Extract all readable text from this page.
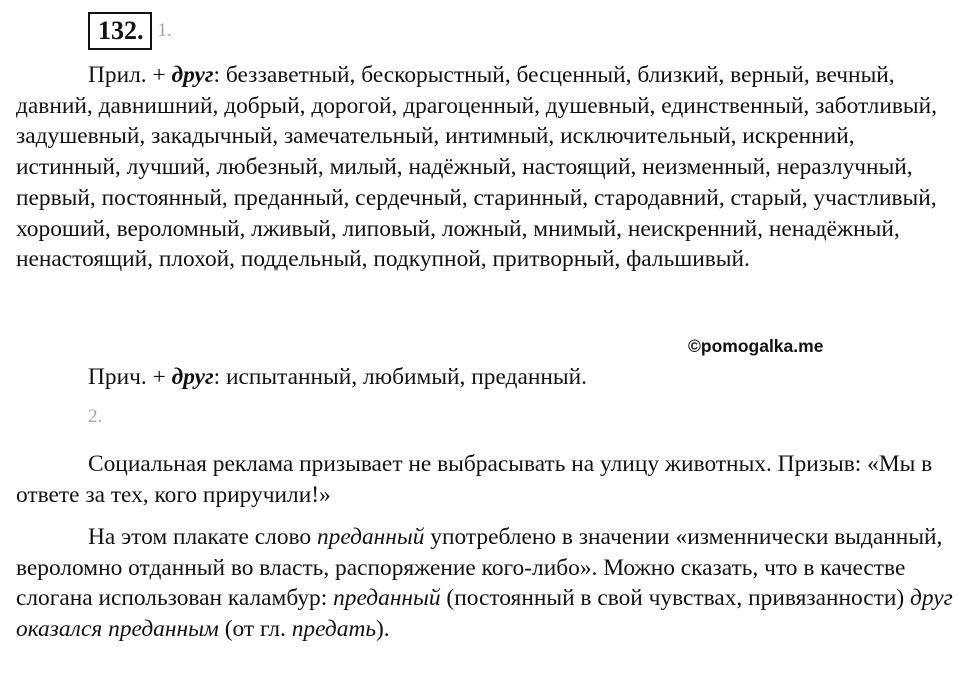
132. 1.

Прил. + друг: беззаветный, бескорыстный, бесценный, близкий, верный, вечный, давний, давнишний, добрый, дорогой, драгоценный, душевный, единственный, заботливый, задушевный, закадычный, замечательный, интимный, исключительный, искренний, истинный, лучший, любезный, милый, надёжный, настоящий, неизменный, неразлучный, первый, постоянный, преданный, сердечный, старинный, стародавний, старый, участливый, хороший, вероломный, лживый, липовый, ложный, мнимый, неискренний, ненадёжный, ненастоящий, плохой, поддельный, подкупной, притворный, фальшивый.

©pomogalka.me

Прич. + друг: испытанный, любимый, преданный.

2.

Социальная реклама призывает не выбрасывать на улицу животных. Призыв: «Мы в ответе за тех, кого приручили!»

На этом плакате слово преданный употреблено в значении «изменнически выданный, вероломно отданный во власть, распоряжение кого-либо». Можно сказать, что в качестве слогана использован каламбур: преданный (постоянный в свой чувствах, привязанности) друг оказался преданным (от гл. предать).
